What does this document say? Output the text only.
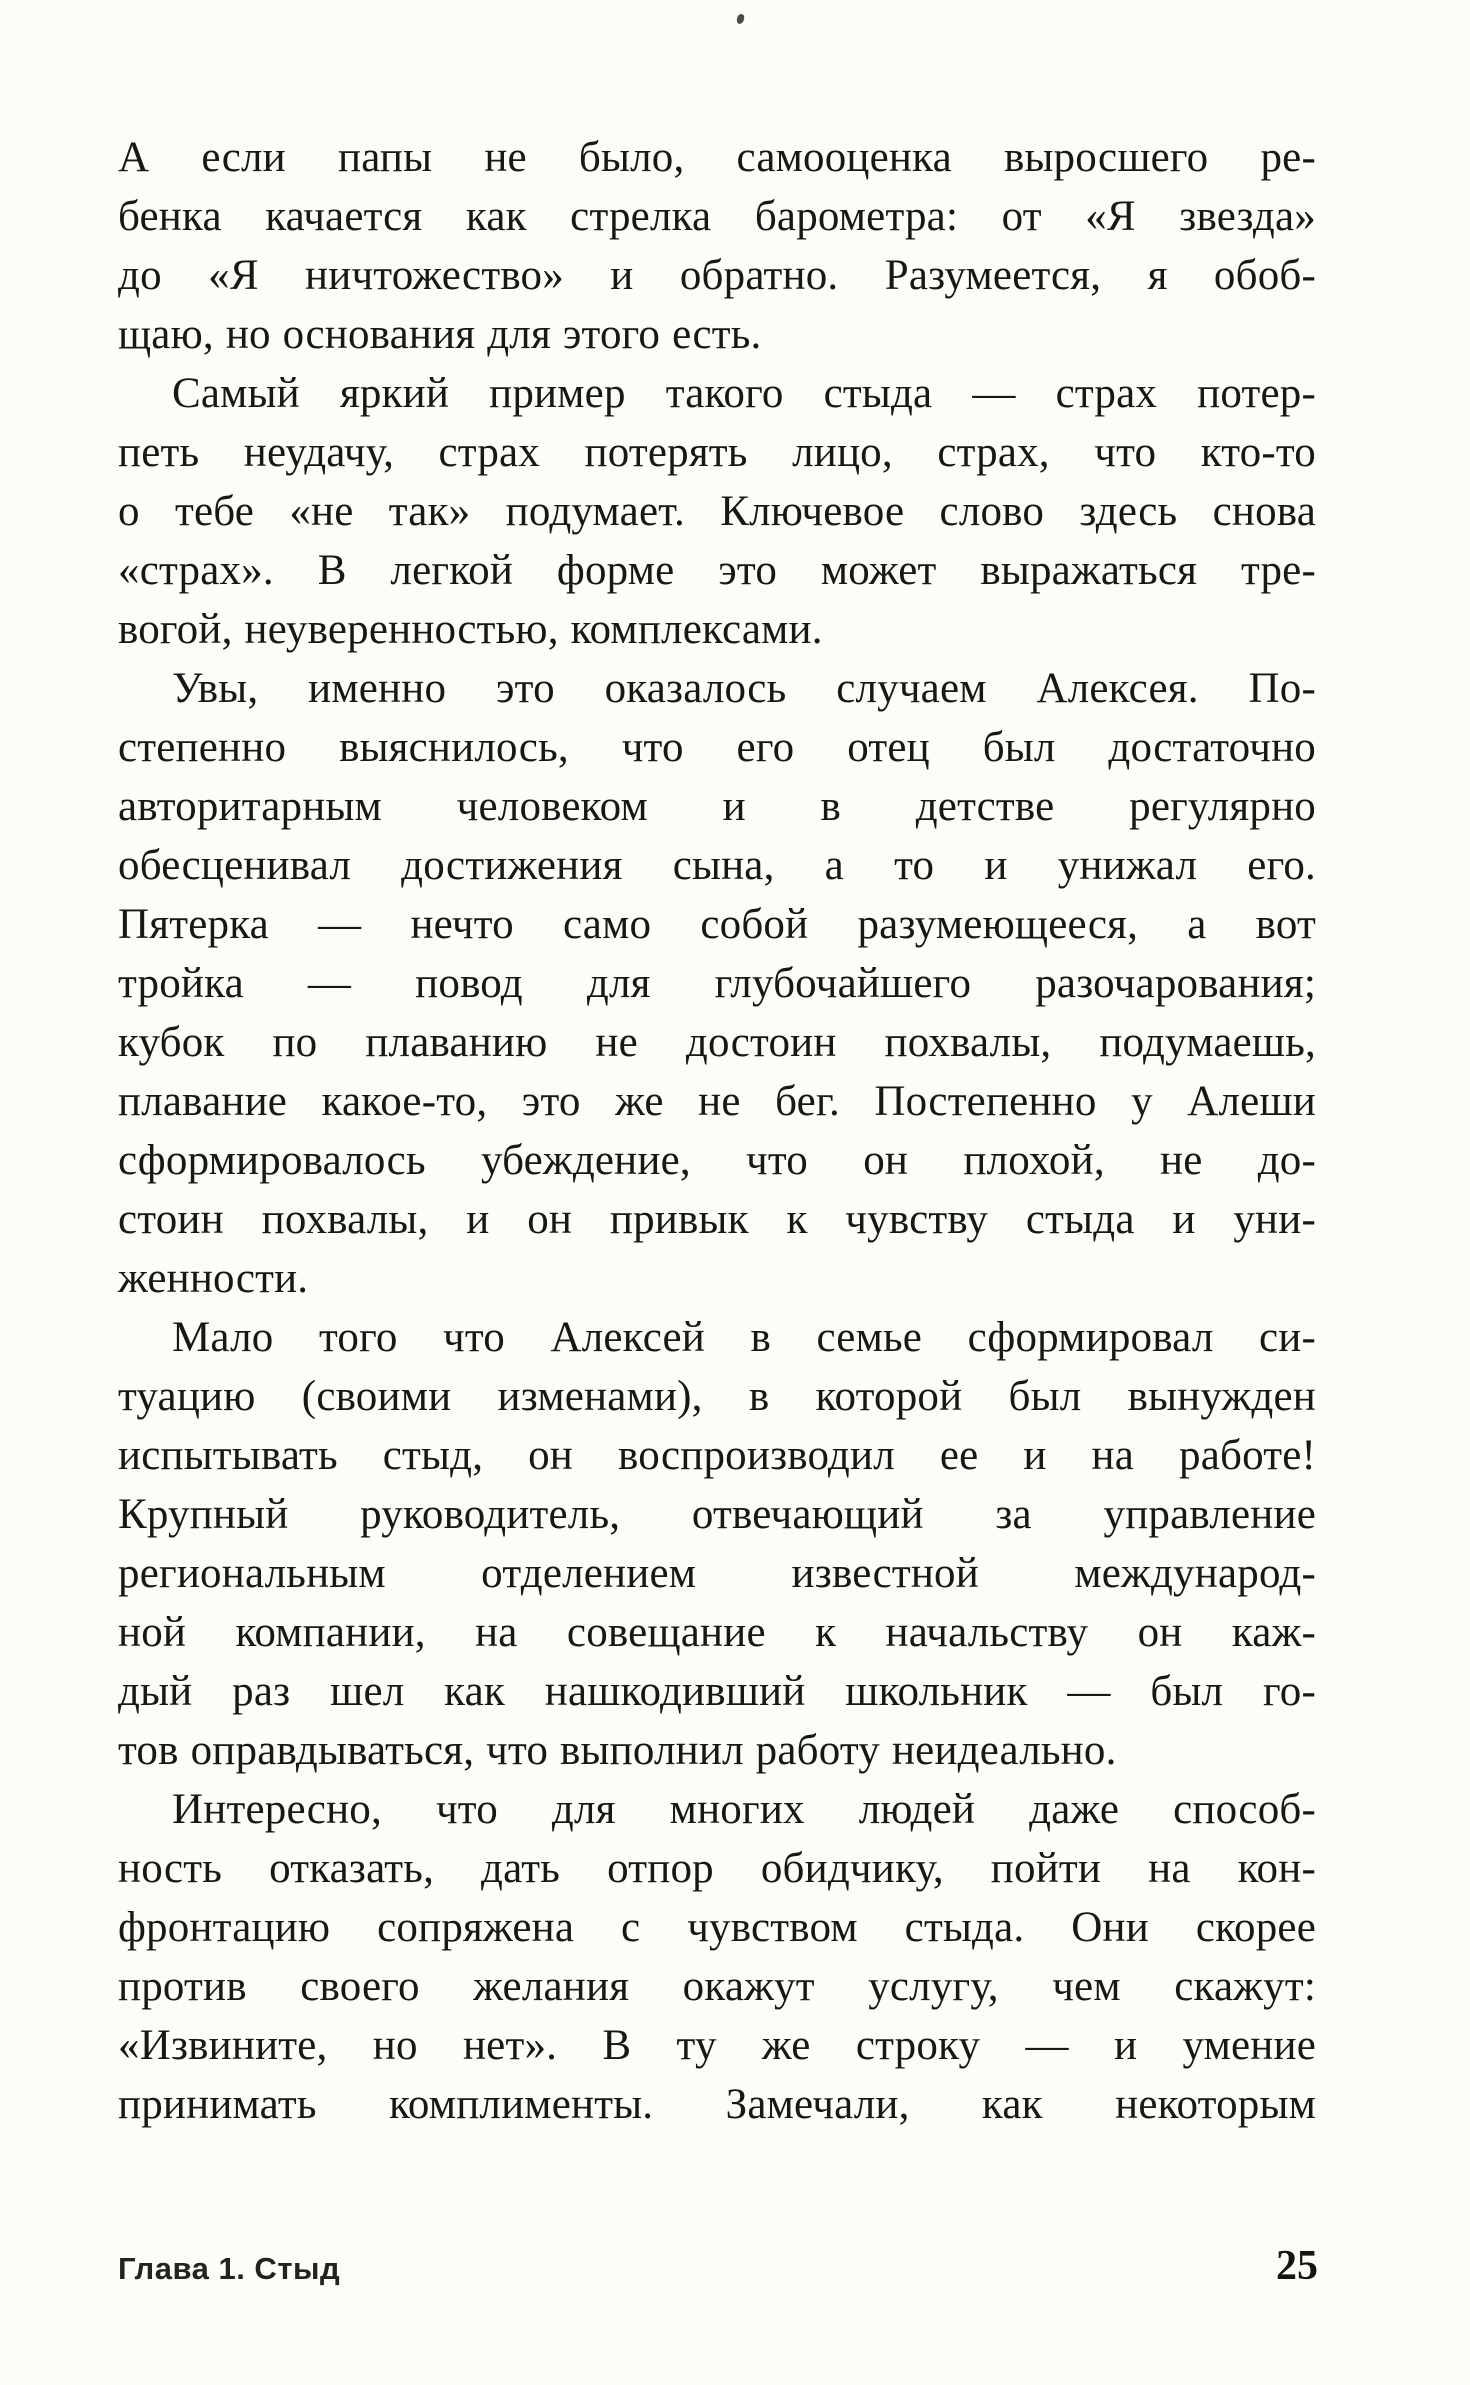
А если папы не было, самооценка выросшего ре-
бенка качается как стрелка барометра: от «Я звезда»
до «Я ничтожество» и обратно. Разумеется, я обоб-
щаю, но основания для этого есть.
Самый яркий пример такого стыда — страх потер-
петь неудачу, страх потерять лицо, страх, что кто-то
о тебе «не так» подумает. Ключевое слово здесь снова
«страх». В легкой форме это может выражаться тре-
вогой, неуверенностью, комплексами.
Увы, именно это оказалось случаем Алексея. По-
степенно выяснилось, что его отец был достаточно
авторитарным человеком и в детстве регулярно
обесценивал достижения сына, а то и унижал его.
Пятерка — нечто само собой разумеющееся, а вот
тройка — повод для глубочайшего разочарования;
кубок по плаванию не достоин похвалы, подумаешь,
плавание какое-то, это же не бег. Постепенно у Алеши
сформировалось убеждение, что он плохой, не до-
стоин похвалы, и он привык к чувству стыда и уни-
женности.
Мало того что Алексей в семье сформировал си-
туацию (своими изменами), в которой был вынужден
испытывать стыд, он воспроизводил ее и на работе!
Крупный руководитель, отвечающий за управление
региональным отделением известной международ-
ной компании, на совещание к начальству он каж-
дый раз шел как нашкодивший школьник — был го-
тов оправдываться, что выполнил работу неидеально.
Интересно, что для многих людей даже способ-
ность отказать, дать отпор обидчику, пойти на кон-
фронтацию сопряжена с чувством стыда. Они скорее
против своего желания окажут услугу, чем скажут:
«Извините, но нет». В ту же строку — и умение
принимать комплименты. Замечали, как некоторым
Глава 1. Стыд	25
